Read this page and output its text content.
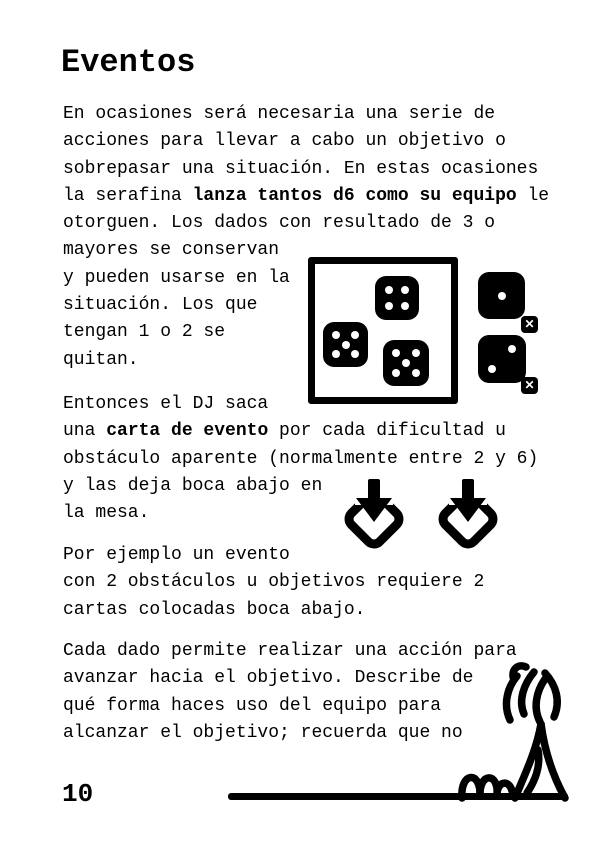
Eventos
En ocasiones será necesaria una serie de
acciones para llevar a cabo un objetivo o
sobrepasar una situación. En estas ocasiones
la serafina lanza tantos d6 como su equipo le
otorguen. Los dados con resultado de 3 o
mayores se conservan
y pueden usarse en la
situación. Los que
tengan 1 o 2 se
quitan.
Entonces el DJ saca
una carta de evento por cada dificultad u
obstáculo aparente (normalmente entre 2 y 6)
y las deja boca abajo en
la mesa.
Por ejemplo un evento
con 2 obstáculos u objetivos requiere 2
cartas colocadas boca abajo.
Cada dado permite realizar una acción para
avanzar hacia el objetivo. Describe de
qué forma haces uso del equipo para
alcanzar el objetivo; recuerda que no
✕
✕
10
